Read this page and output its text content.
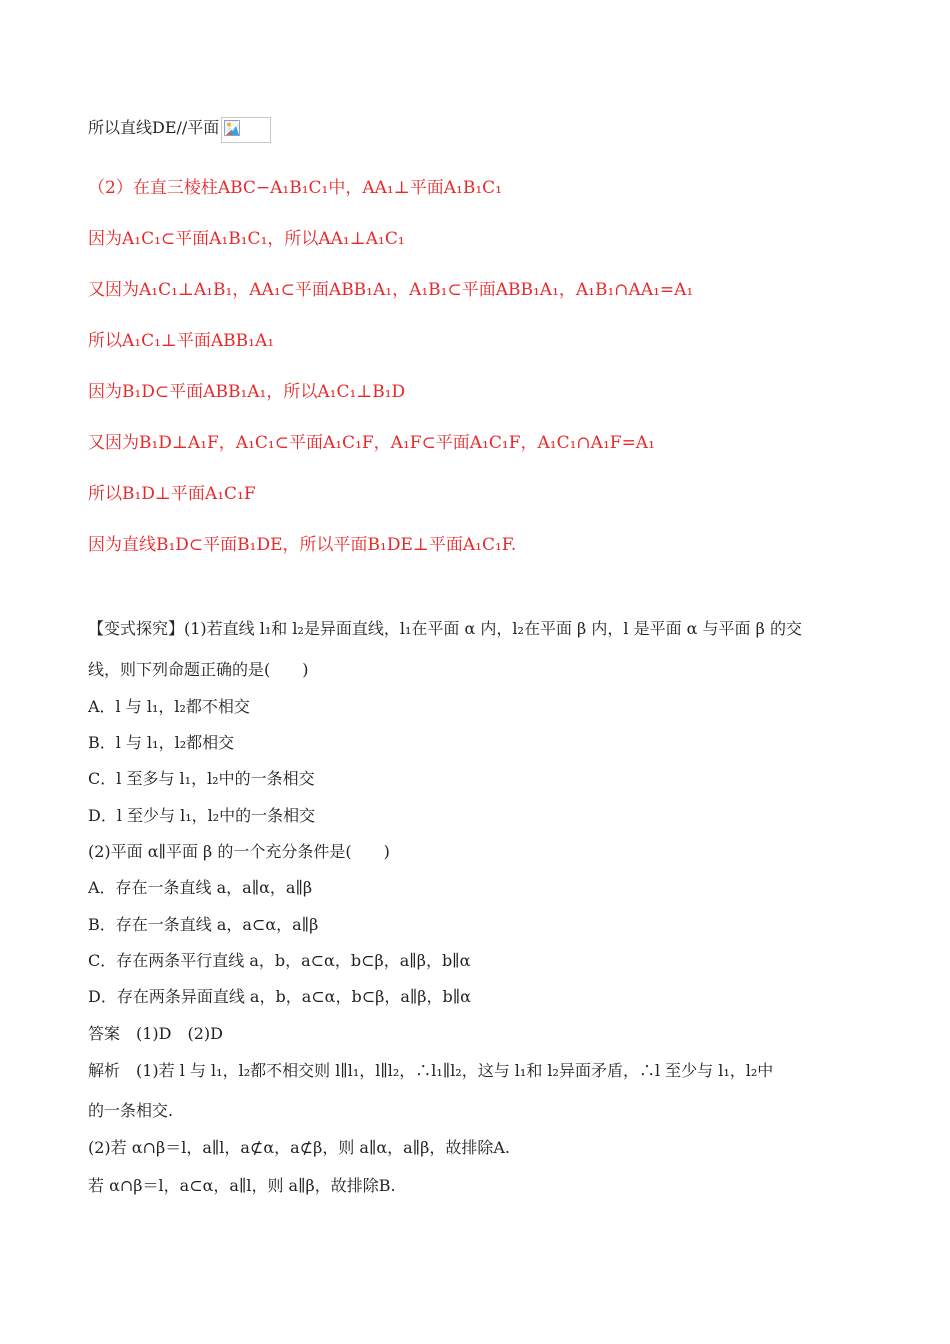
所以直线DE//平面
（2）在直三棱柱ABC−A₁B₁C₁中，AA₁⊥平面A₁B₁C₁
因为A₁C₁⊂平面A₁B₁C₁，所以AA₁⊥A₁C₁
又因为A₁C₁⊥A₁B₁，AA₁⊂平面ABB₁A₁，A₁B₁⊂平面ABB₁A₁，A₁B₁∩AA₁=A₁
所以A₁C₁⊥平面ABB₁A₁
因为B₁D⊂平面ABB₁A₁，所以A₁C₁⊥B₁D
又因为B₁D⊥A₁F，A₁C₁⊂平面A₁C₁F，A₁F⊂平面A₁C₁F，A₁C₁∩A₁F=A₁
所以B₁D⊥平面A₁C₁F
因为直线B₁D⊂平面B₁DE，所以平面B₁DE⊥平面A₁C₁F.
【变式探究】(1)若直线 l₁和 l₂是异面直线，l₁在平面 α 内，l₂在平面 β 内，l 是平面 α 与平面 β 的交
线，则下列命题正确的是(　　)
A．l 与 l₁，l₂都不相交
B．l 与 l₁，l₂都相交
C．l 至多与 l₁，l₂中的一条相交
D．l 至少与 l₁，l₂中的一条相交
(2)平面 α∥平面 β 的一个充分条件是(　　)
A．存在一条直线 a，a∥α，a∥β
B．存在一条直线 a，a⊂α，a∥β
C．存在两条平行直线 a，b，a⊂α，b⊂β，a∥β，b∥α
D．存在两条异面直线 a，b，a⊂α，b⊂β，a∥β，b∥α
答案　(1)D　(2)D
解析　(1)若 l 与 l₁，l₂都不相交则 l∥l₁，l∥l₂，∴l₁∥l₂，这与 l₁和 l₂异面矛盾，∴l 至少与 l₁，l₂中
的一条相交.
(2)若 α∩β＝l，a∥l，a⊄α，a⊄β，则 a∥α，a∥β，故排除A.
若 α∩β＝l，a⊂α，a∥l，则 a∥β，故排除B.
